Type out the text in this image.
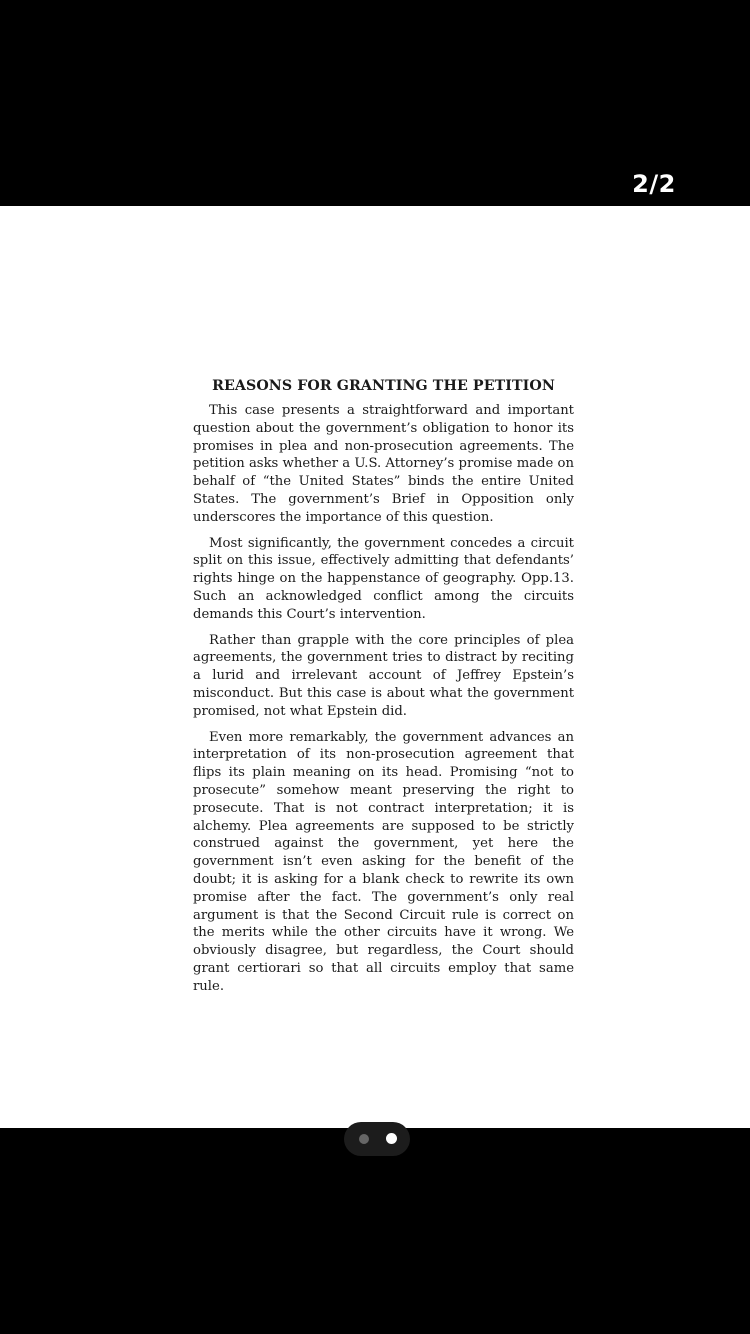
2/2
REASONS FOR GRANTING THE PETITION

This case presents a straightforward and important question about the government’s obligation to honor its promises in plea and non-prosecution agreements. The petition asks whether a U.S. Attorney’s promise made on behalf of “the United States” binds the entire United States. The government’s Brief in Opposition only underscores the importance of this question.

Most significantly, the government concedes a circuit split on this issue, effectively admitting that defendants’ rights hinge on the happenstance of geography. Opp.13. Such an acknowledged conflict among the circuits demands this Court’s intervention.

Rather than grapple with the core principles of plea agreements, the government tries to distract by reciting a lurid and irrelevant account of Jeffrey Epstein’s misconduct. But this case is about what the government promised, not what Epstein did.

Even more remarkably, the government advances an interpretation of its non-prosecution agreement that flips its plain meaning on its head. Promising “not to prosecute” somehow meant preserving the right to prosecute. That is not contract interpretation; it is alchemy. Plea agreements are supposed to be strictly construed against the government, yet here the government isn’t even asking for the benefit of the doubt; it is asking for a blank check to rewrite its own promise after the fact. The government’s only real argument is that the Second Circuit rule is correct on the merits while the other circuits have it wrong. We obviously disagree, but regardless, the Court should grant certiorari so that all circuits employ that same rule.
